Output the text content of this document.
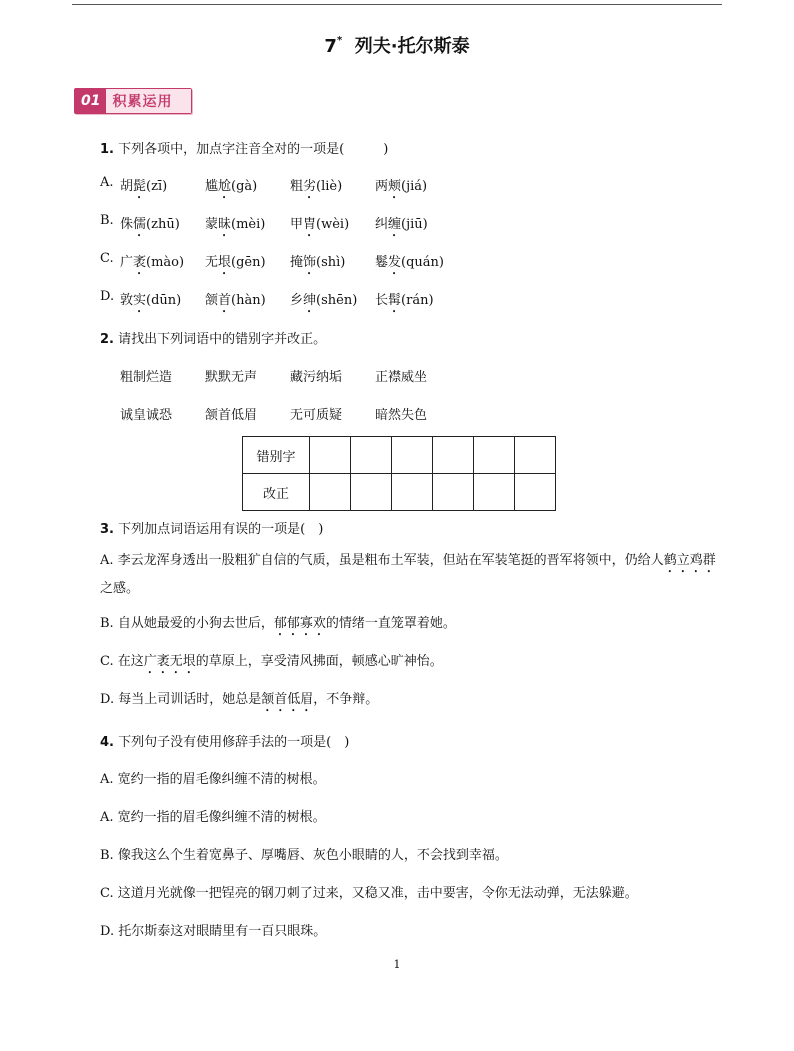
7* 列夫·托尔斯泰
01 积累运用
1. 下列各项中，加点字注音全对的一项是(　　　)
A. 胡髭(zī)	尴尬(gà)	粗劣(liè)	两颊(jiá)
B. 侏儒(zhū) 蒙昧(mèi) 甲胄(wèi) 纠缠(jiū)
C. 广袤(mào) 无垠(gēn) 掩饰(shì) 鬈发(quán)
D. 敦实(dūn) 颔首(hàn) 乡绅(shēn) 长髯(rán)
2. 请找出下列词语中的错别字并改正。
粗制烂造	默默无声	藏污纳垢	正襟威坐
诚皇诚恐	颔首低眉	无可质疑	暗然失色
错别字						
改正						
3. 下列加点词语运用有误的一项是(　)
A. 李云龙浑身透出一股粗犷自信的气质，虽是粗布土军装，但站在军装笔挺的晋军将领中，仍给人鹤立鸡群之感。
B. 自从她最爱的小狗去世后，郁郁寡欢的情绪一直笼罩着她。
C. 在这广袤无垠的草原上，享受清风拂面，顿感心旷神怡。
D. 每当上司训话时，她总是颔首低眉，不争辩。
4. 下列句子没有使用修辞手法的一项是(　)
A. 宽约一指的眉毛像纠缠不清的树根。
A. 宽约一指的眉毛像纠缠不清的树根。
B. 像我这么个生着宽鼻子、厚嘴唇、灰色小眼睛的人，不会找到幸福。
C. 这道月光就像一把锃亮的钢刀刺了过来，又稳又准，击中要害，令你无法动弹，无法躲避。
D. 托尔斯泰这对眼睛里有一百只眼珠。
1
